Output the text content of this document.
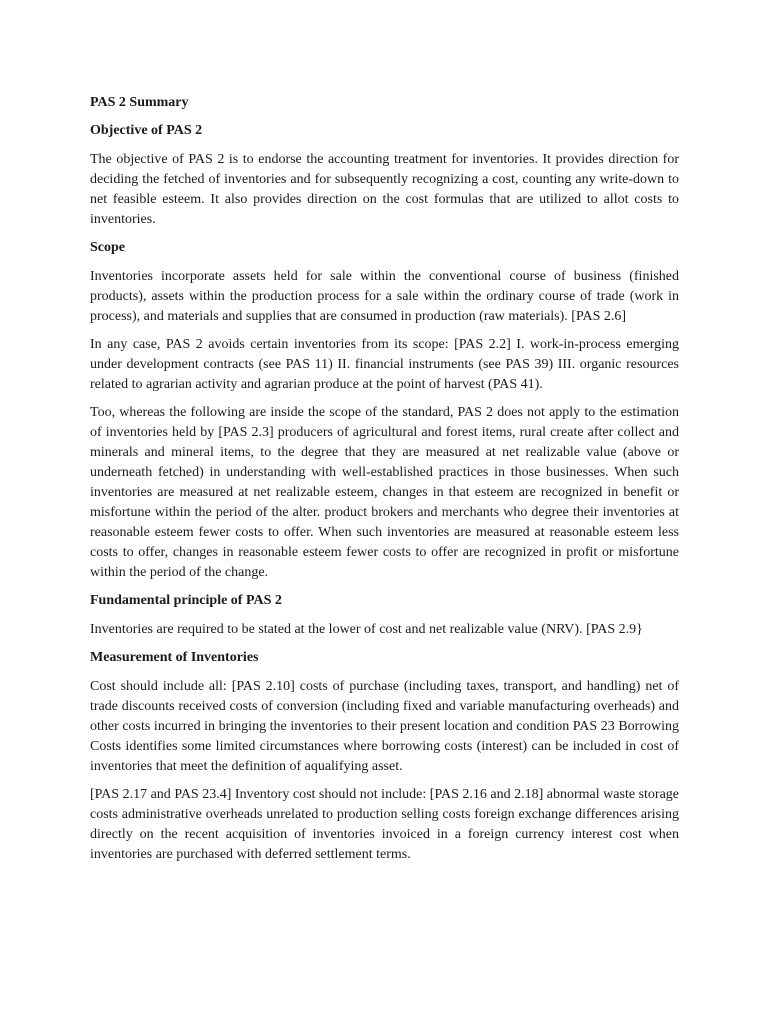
PAS 2 Summary
Objective of PAS 2

The objective of PAS 2 is to endorse the accounting treatment for inventories. It provides direction for deciding the fetched of inventories and for subsequently recognizing a cost, counting any write-down to net feasible esteem. It also provides direction on the cost formulas that are utilized to allot costs to inventories.

Scope

Inventories incorporate assets held for sale within the conventional course of business (finished products), assets within the production process for a sale within the ordinary course of trade (work in process), and materials and supplies that are consumed in production (raw materials). [PAS 2.6]

In any case, PAS 2 avoids certain inventories from its scope: [PAS 2.2] I. work-in-process emerging under development contracts (see PAS 11) II. financial instruments (see PAS 39) III. organic resources related to agrarian activity and agrarian produce at the point of harvest (PAS 41).

Too, whereas the following are inside the scope of the standard, PAS 2 does not apply to the estimation of inventories held by [PAS 2.3] producers of agricultural and forest items, rural create after collect and minerals and mineral items, to the degree that they are measured at net realizable value (above or underneath fetched) in understanding with well-established practices in those businesses. When such inventories are measured at net realizable esteem, changes in that esteem are recognized in benefit or misfortune within the period of the alter. product brokers and merchants who degree their inventories at reasonable esteem fewer costs to offer. When such inventories are measured at reasonable esteem less costs to offer, changes in reasonable esteem fewer costs to offer are recognized in profit or misfortune within the period of the change.

Fundamental principle of PAS 2

Inventories are required to be stated at the lower of cost and net realizable value (NRV). [PAS 2.9}

Measurement of Inventories

Cost should include all: [PAS 2.10] costs of purchase (including taxes, transport, and handling) net of trade discounts received costs of conversion (including fixed and variable manufacturing overheads) and other costs incurred in bringing the inventories to their present location and condition PAS 23 Borrowing Costs identifies some limited circumstances where borrowing costs (interest) can be included in cost of inventories that meet the definition of aqualifying asset.

[PAS 2.17 and PAS 23.4] Inventory cost should not include: [PAS 2.16 and 2.18] abnormal waste storage costs administrative overheads unrelated to production selling costs foreign exchange differences arising directly on the recent acquisition of inventories invoiced in a foreign currency interest cost when inventories are purchased with deferred settlement terms.
